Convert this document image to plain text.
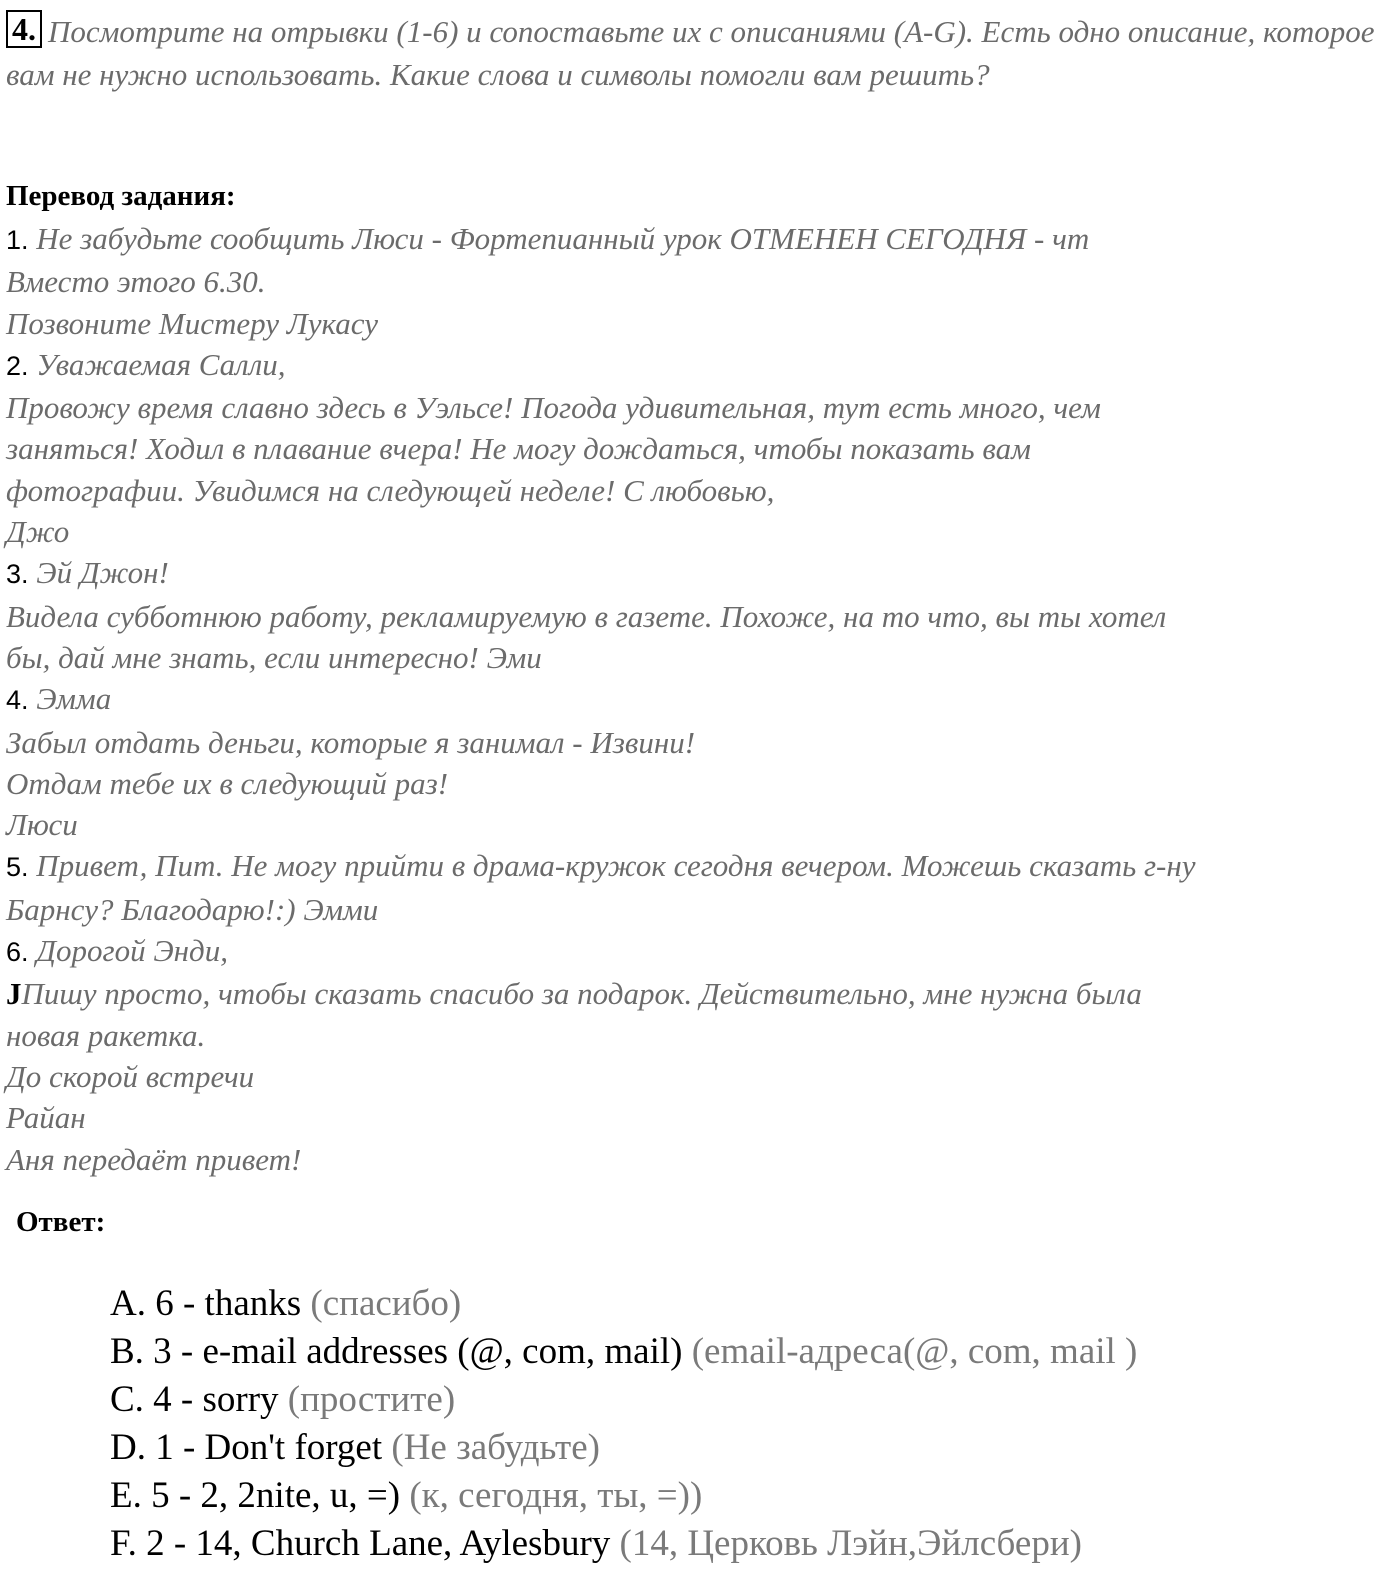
4. Посмотрите на отрывки (1-6) и сопоставьте их с описаниями (A-G). Есть одно описание, которое вам не нужно использовать. Какие слова и символы помогли вам решить?
Перевод задания:
1. Не забудьте сообщить Люси - Фортепианный урок ОТМЕНЕН СЕГОДНЯ - чт
Вместо этого 6.30.
Позвоните Мистеру Лукасу
2. Уважаемая Салли,
Провожу время славно здесь в Уэльсе! Погода удивительная, тут есть много, чем
заняться! Ходил в плавание вчера! Не могу дождаться, чтобы показать вам
фотографии. Увидимся на следующей неделе! С любовью,
Джо
3. Эй Джон!
Видела субботнюю работу, рекламируемую в газете. Похоже, на то что, вы ты хотел
бы, дай мне знать, если интересно! Эми
4. Эмма
Забыл отдать деньги, которые я занимал - Извини!
Отдам тебе их в следующий раз!
Люси
5. Привет, Пит. Не могу прийти в драма-кружок сегодня вечером. Можешь сказать г-ну
Барнсу? Благодарю!:) Эмми
6. Дорогой Энди,
JПишу просто, чтобы сказать спасибо за подарок. Действительно, мне нужна была
новая ракетка.
До скорой встречи
Райан
Аня передаёт привет!
Ответ:
A. 6 - thanks (спасибо)
B. 3 - e-mail addresses (@, com, mail) (email-адреса(@, com, mail )
C. 4 - sorry (простите)
D. 1 - Don't forget (Не забудьте)
E. 5 - 2, 2nite, u, =) (к, сегодня, ты, =))
F. 2 - 14, Church Lane, Aylesbury (14, Церковь Лэйн,Эйлсбери)
